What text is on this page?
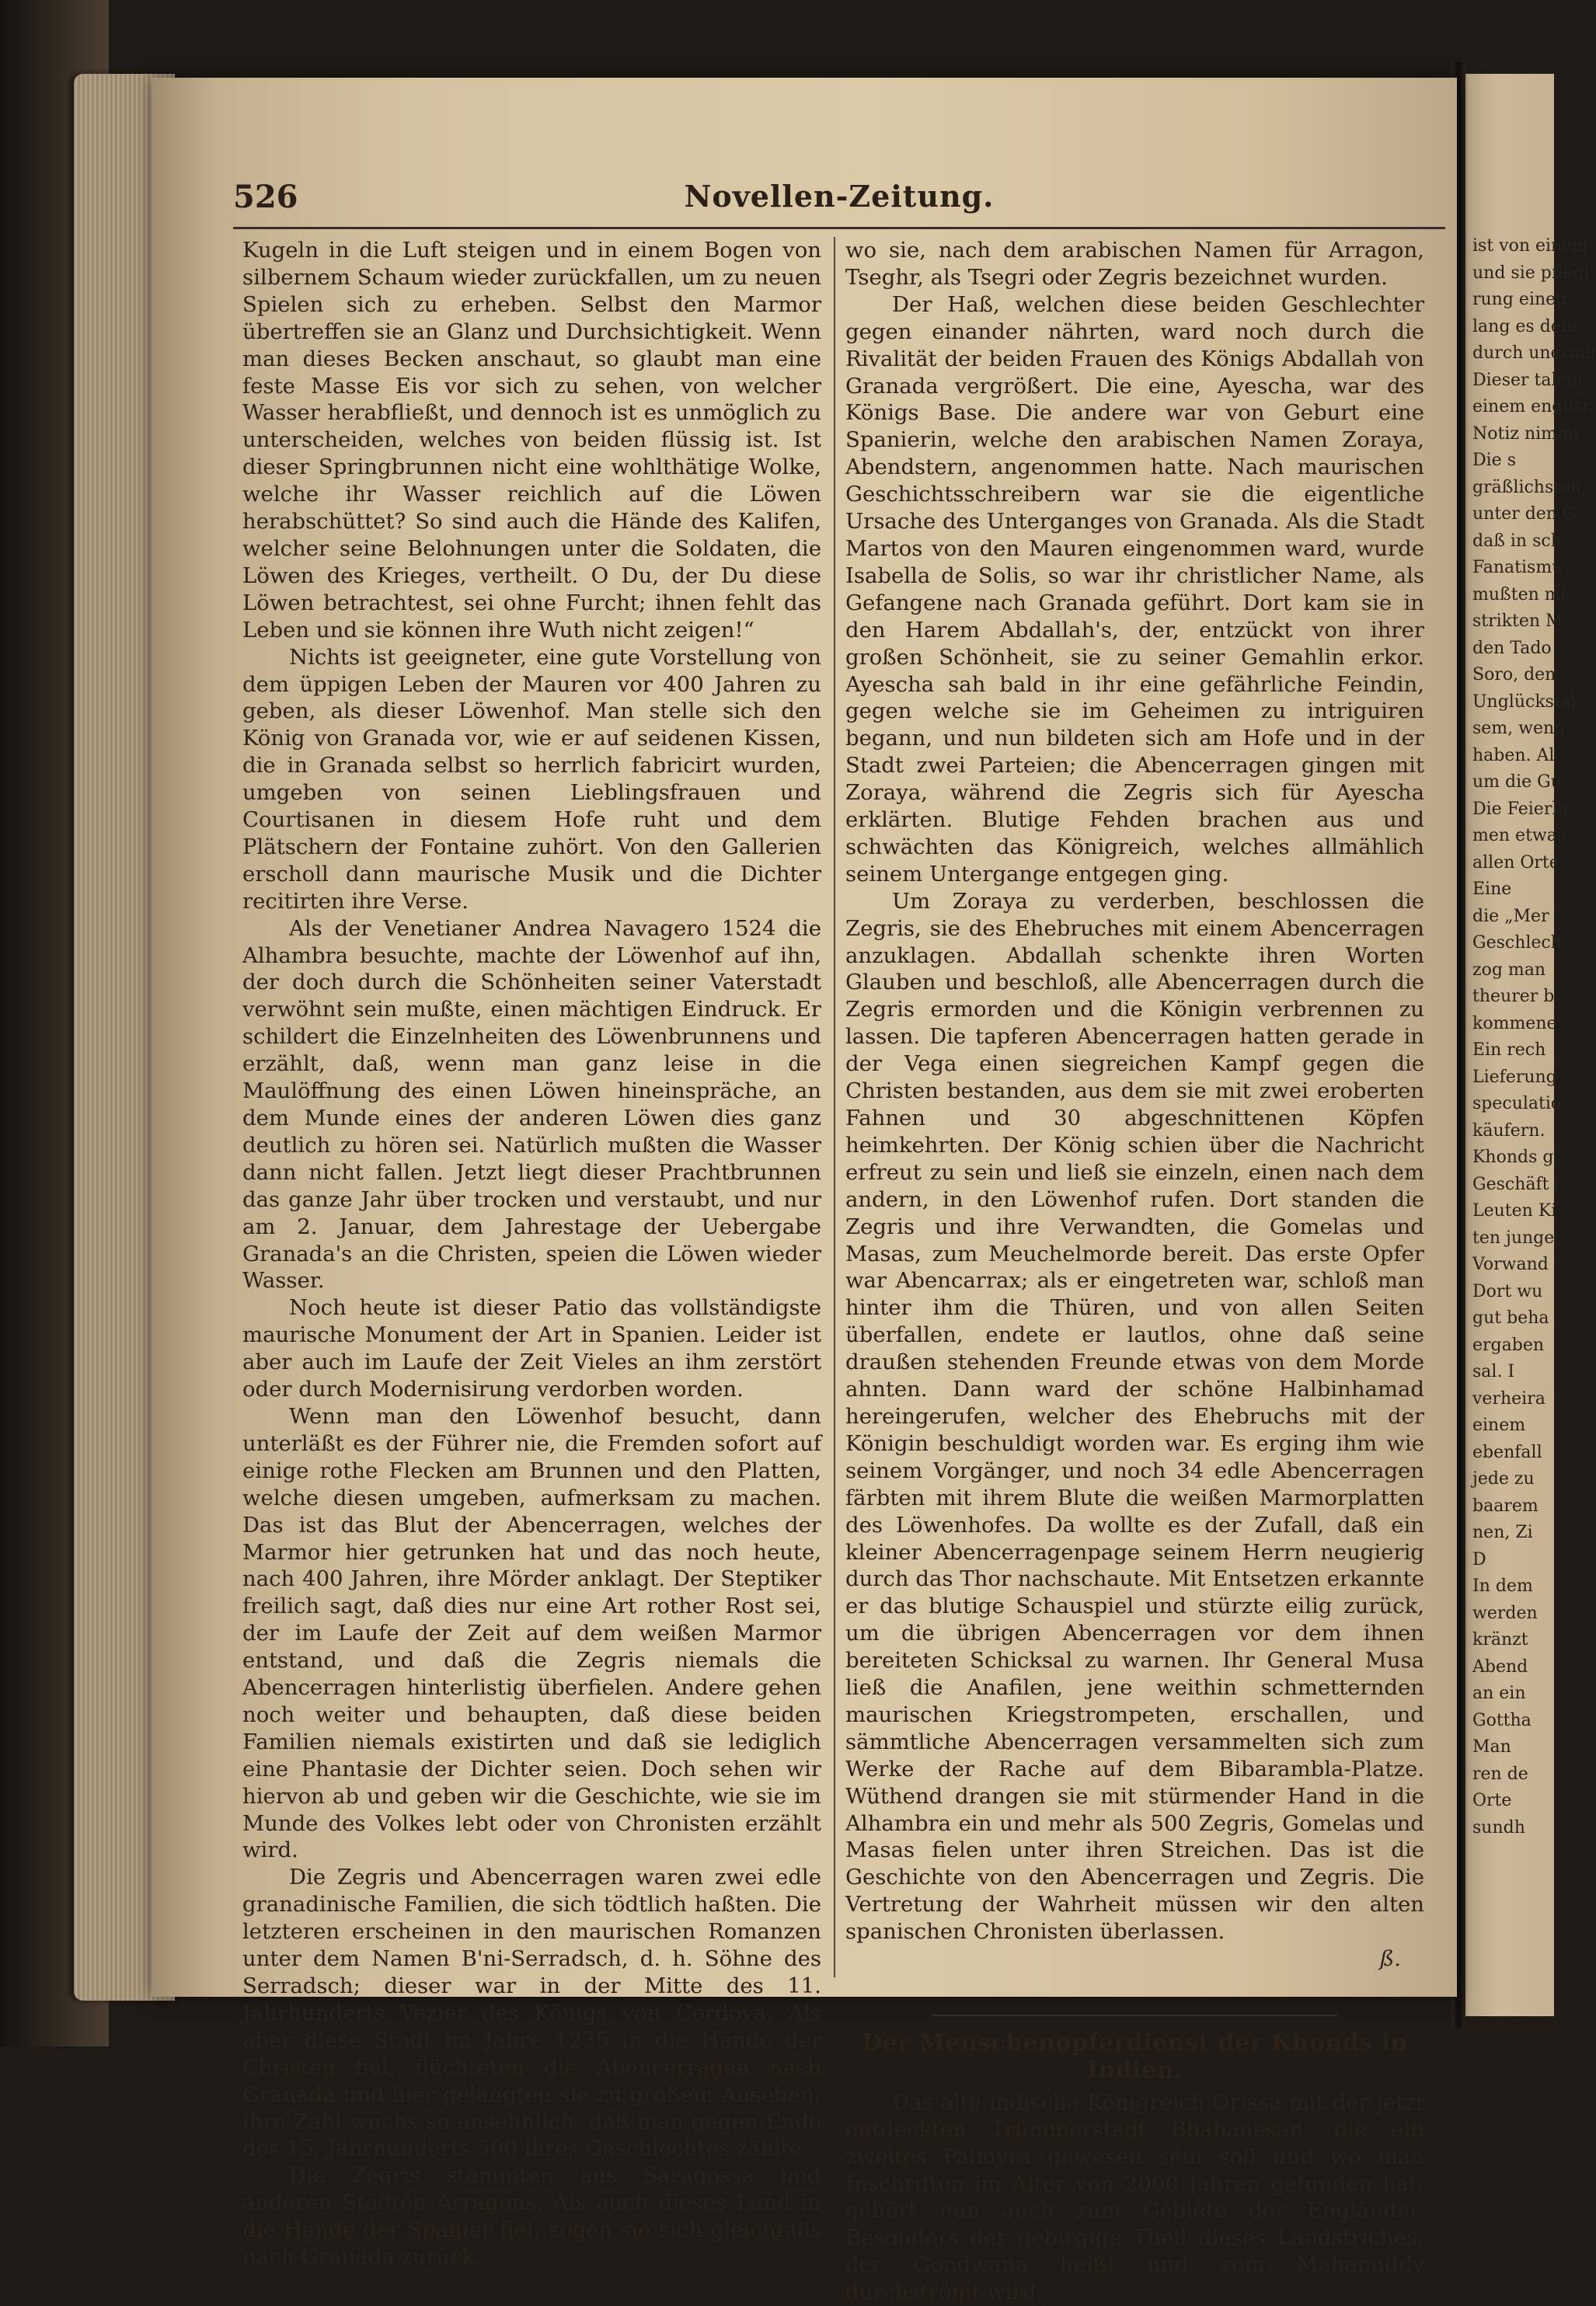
526	Novellen-Zeitung.

Kugeln in die Luft steigen und in einem Bogen von silbernem Schaum wieder zurückfallen, um zu neuen Spielen sich zu erheben. Selbst den Marmor übertreffen sie an Glanz und Durchsichtigkeit. Wenn man dieses Becken anschaut, so glaubt man eine feste Masse Eis vor sich zu sehen, von welcher Wasser herabfließt, und dennoch ist es unmöglich zu unterscheiden, welches von beiden flüssig ist. Ist dieser Springbrunnen nicht eine wohlthätige Wolke, welche ihr Wasser reichlich auf die Löwen herabschüttet? So sind auch die Hände des Kalifen, welcher seine Belohnungen unter die Soldaten, die Löwen des Krieges, vertheilt. O Du, der Du diese Löwen betrachtest, sei ohne Furcht; ihnen fehlt das Leben und sie können ihre Wuth nicht zeigen!“

Nichts ist geeigneter, eine gute Vorstellung von dem üppigen Leben der Mauren vor 400 Jahren zu geben, als dieser Löwenhof. Man stelle sich den König von Granada vor, wie er auf seidenen Kissen, die in Granada selbst so herrlich fabricirt wurden, umgeben von seinen Lieblingsfrauen und Courtisanen in diesem Hofe ruht und dem Plätschern der Fontaine zuhört. Von den Gallerien erscholl dann maurische Musik und die Dichter recitirten ihre Verse.

Als der Venetianer Andrea Navagero 1524 die Alhambra besuchte, machte der Löwenhof auf ihn, der doch durch die Schönheiten seiner Vaterstadt verwöhnt sein mußte, einen mächtigen Eindruck. Er schildert die Einzelnheiten des Löwenbrunnens und erzählt, daß, wenn man ganz leise in die Maulöffnung des einen Löwen hineinspräche, an dem Munde eines der anderen Löwen dies ganz deutlich zu hören sei. Natürlich mußten die Wasser dann nicht fallen. Jetzt liegt dieser Prachtbrunnen das ganze Jahr über trocken und verstaubt, und nur am 2. Januar, dem Jahrestage der Uebergabe Granada's an die Christen, speien die Löwen wieder Wasser.

Noch heute ist dieser Patio das vollständigste maurische Monument der Art in Spanien. Leider ist aber auch im Laufe der Zeit Vieles an ihm zerstört oder durch Modernisirung verdorben worden.

Wenn man den Löwenhof besucht, dann unterläßt es der Führer nie, die Fremden sofort auf einige rothe Flecken am Brunnen und den Platten, welche diesen umgeben, aufmerksam zu machen. Das ist das Blut der Abencerragen, welches der Marmor hier getrunken hat und das noch heute, nach 400 Jahren, ihre Mörder anklagt. Der Steptiker freilich sagt, daß dies nur eine Art rother Rost sei, der im Laufe der Zeit auf dem weißen Marmor entstand, und daß die Zegris niemals die Abencerragen hinterlistig überfielen. Andere gehen noch weiter und behaupten, daß diese beiden Familien niemals existirten und daß sie lediglich eine Phantasie der Dichter seien. Doch sehen wir hiervon ab und geben wir die Geschichte, wie sie im Munde des Volkes lebt oder von Chronisten erzählt wird.

Die Zegris und Abencerragen waren zwei edle granadinische Familien, die sich tödtlich haßten. Die letzteren erscheinen in den maurischen Romanzen unter dem Namen B'ni-Serradsch, d. h. Söhne des Serradsch; dieser war in der Mitte des 11. Jahrhunderts Vezier des Königs von Cordova. Als aber diese Stadt im Jahre 1235 in die Hände der Christen fiel, flüchteten die Abencerragen nach Granada und hier gelangten sie zu großem Ansehen; ihre Zahl wuchs so ansehnlich, daß man gegen Ende des 15. Jahrhunderts 500 ihres Geschlechtes zählte.

Die Zegris stammten aus Saragossa und anderen Städten Arragons. Als auch dieses Land in die Hände der Spanier fiel, zogen sie sich gleichfalls nach Granada zurück,

wo sie, nach dem arabischen Namen für Arragon, Tseghr, als Tsegri oder Zegris bezeichnet wurden.

Der Haß, welchen diese beiden Geschlechter gegen einander nährten, ward noch durch die Rivalität der beiden Frauen des Königs Abdallah von Granada vergrößert. Die eine, Ayescha, war des Königs Base. Die andere war von Geburt eine Spanierin, welche den arabischen Namen Zoraya, Abendstern, angenommen hatte. Nach maurischen Geschichtsschreibern war sie die eigentliche Ursache des Unterganges von Granada. Als die Stadt Martos von den Mauren eingenommen ward, wurde Isabella de Solis, so war ihr christlicher Name, als Gefangene nach Granada geführt. Dort kam sie in den Harem Abdallah's, der, entzückt von ihrer großen Schönheit, sie zu seiner Gemahlin erkor. Ayescha sah bald in ihr eine gefährliche Feindin, gegen welche sie im Geheimen zu intriguiren begann, und nun bildeten sich am Hofe und in der Stadt zwei Parteien; die Abencerragen gingen mit Zoraya, während die Zegris sich für Ayescha erklärten. Blutige Fehden brachen aus und schwächten das Königreich, welches allmählich seinem Untergange entgegen ging.

Um Zoraya zu verderben, beschlossen die Zegris, sie des Ehebruches mit einem Abencerragen anzuklagen. Abdallah schenkte ihren Worten Glauben und beschloß, alle Abencerragen durch die Zegris ermorden und die Königin verbrennen zu lassen. Die tapferen Abencerragen hatten gerade in der Vega einen siegreichen Kampf gegen die Christen bestanden, aus dem sie mit zwei eroberten Fahnen und 30 abgeschnittenen Köpfen heimkehrten. Der König schien über die Nachricht erfreut zu sein und ließ sie einzeln, einen nach dem andern, in den Löwenhof rufen. Dort standen die Zegris und ihre Verwandten, die Gomelas und Masas, zum Meuchelmorde bereit. Das erste Opfer war Abencarrax; als er eingetreten war, schloß man hinter ihm die Thüren, und von allen Seiten überfallen, endete er lautlos, ohne daß seine draußen stehenden Freunde etwas von dem Morde ahnten. Dann ward der schöne Halbinhamad hereingerufen, welcher des Ehebruchs mit der Königin beschuldigt worden war. Es erging ihm wie seinem Vorgänger, und noch 34 edle Abencerragen färbten mit ihrem Blute die weißen Marmorplatten des Löwenhofes. Da wollte es der Zufall, daß ein kleiner Abencerragenpage seinem Herrn neugierig durch das Thor nachschaute. Mit Entsetzen erkannte er das blutige Schauspiel und stürzte eilig zurück, um die übrigen Abencerragen vor dem ihnen bereiteten Schicksal zu warnen. Ihr General Musa ließ die Anafilen, jene weithin schmetternden maurischen Kriegstrompeten, erschallen, und sämmtliche Abencerragen versammelten sich zum Werke der Rache auf dem Bibarambla-Platze. Wüthend drangen sie mit stürmender Hand in die Alhambra ein und mehr als 500 Zegris, Gomelas und Masas fielen unter ihren Streichen. Das ist die Geschichte von den Abencerragen und Zegris. Die Vertretung der Wahrheit müssen wir den alten spanischen Chronisten überlassen.

ß.

Der Menschenopferdienst der Khonds in Indien.

Das alte indische Königreich Orissa mit der jetzt entdeckten Trümmerstadt Bhahanesan, die ein zweites Palmyra gewesen sein soll und wo man Inschriften im Alter von 2000 Jahren gefunden hat, gehört nun auch zum Gebiete der Engländer. Besonders der gebirgige Theil dieses Landstriches, der Gondwana heißt und vom Mahanuddy durchströmt wird,

ist von einem
und sie pflegt
rung einen
lang es dem
durch unermü
Dieser talent
einem englisc
Notiz nimmt
Die s
gräßlichsten
unter den G
daß in sch
Fanatismu
mußten mi
strikten M
den Tado
Soro, den
Unglücksfäl
sem, wenn
haben. Al
um die Gu
Die Feierlic
men etwas
allen Orte
Eine
die „Mer
Geschlech
zog man
theurer b
kommene
Ein rech
Lieferung
speculatio
käufern.
Khonds g
Geschäft c
Leuten Ki
ten junge
Vorwand
Dort wu
gut beha
ergaben
sal. I
verheira
einem
ebenfall
jede zu
baarem
nen, Zi
D
In dem
werden
kränzt
Abend
an ein
Gottha
Man
ren de
Orte
sundh
